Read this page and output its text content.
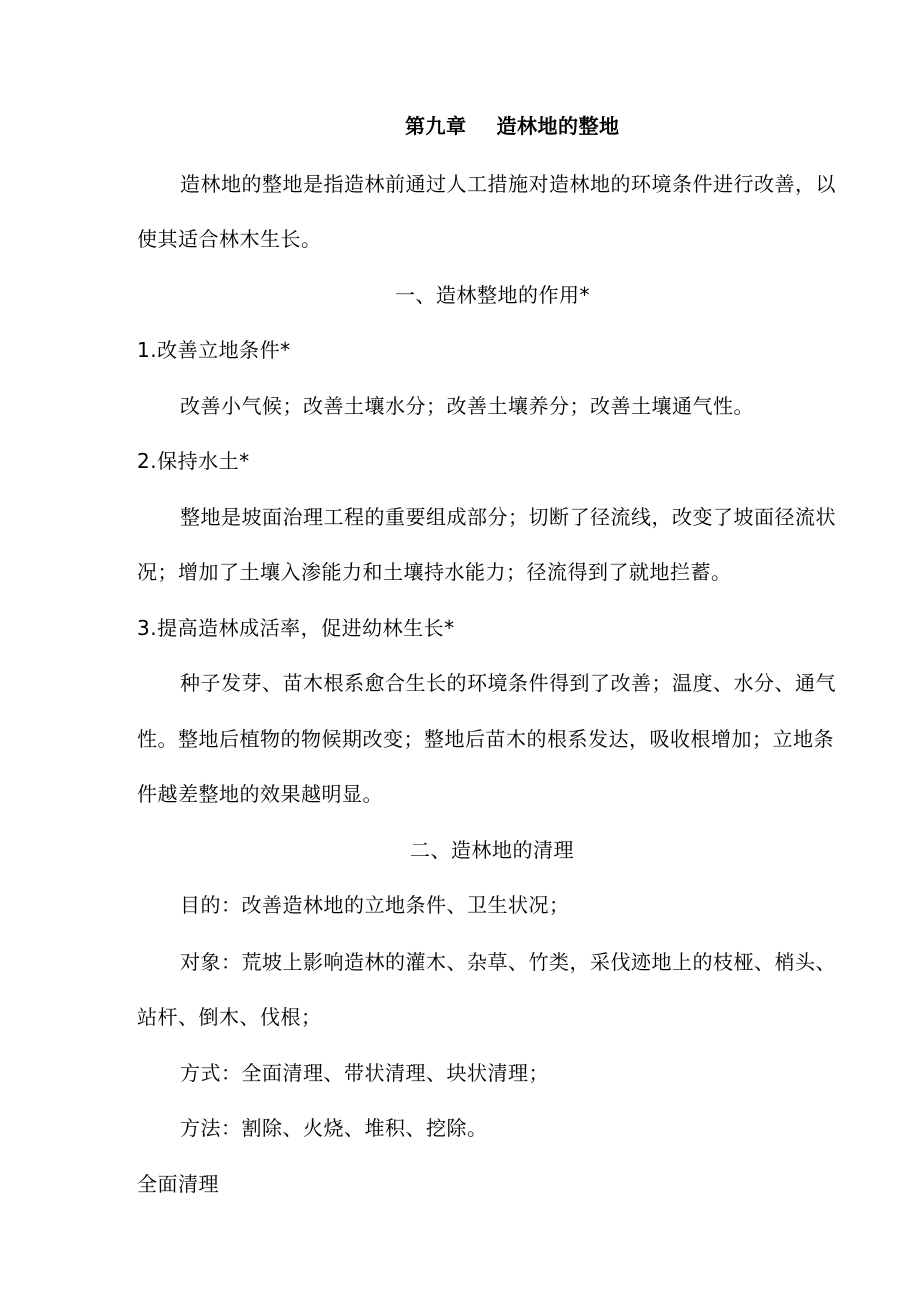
第九章 造林地的整地
造林地的整地是指造林前通过人工措施对造林地的环境条件进行改善，以
使其适合林木生长。
一、造林整地的作用*
1.改善立地条件*
改善小气候；改善土壤水分；改善土壤养分；改善土壤通气性。
2.保持水土*
整地是坡面治理工程的重要组成部分；切断了径流线，改变了坡面径流状
况；增加了土壤入渗能力和土壤持水能力；径流得到了就地拦蓄。
3.提高造林成活率，促进幼林生长*
种子发芽、苗木根系愈合生长的环境条件得到了改善；温度、水分、通气
性。整地后植物的物候期改变；整地后苗木的根系发达，吸收根增加；立地条
件越差整地的效果越明显。
二、造林地的清理
目的：改善造林地的立地条件、卫生状况；
对象：荒坡上影响造林的灌木、杂草、竹类，采伐迹地上的枝桠、梢头、
站杆、倒木、伐根；
方式：全面清理、带状清理、块状清理；
方法：割除、火烧、堆积、挖除。
全面清理
